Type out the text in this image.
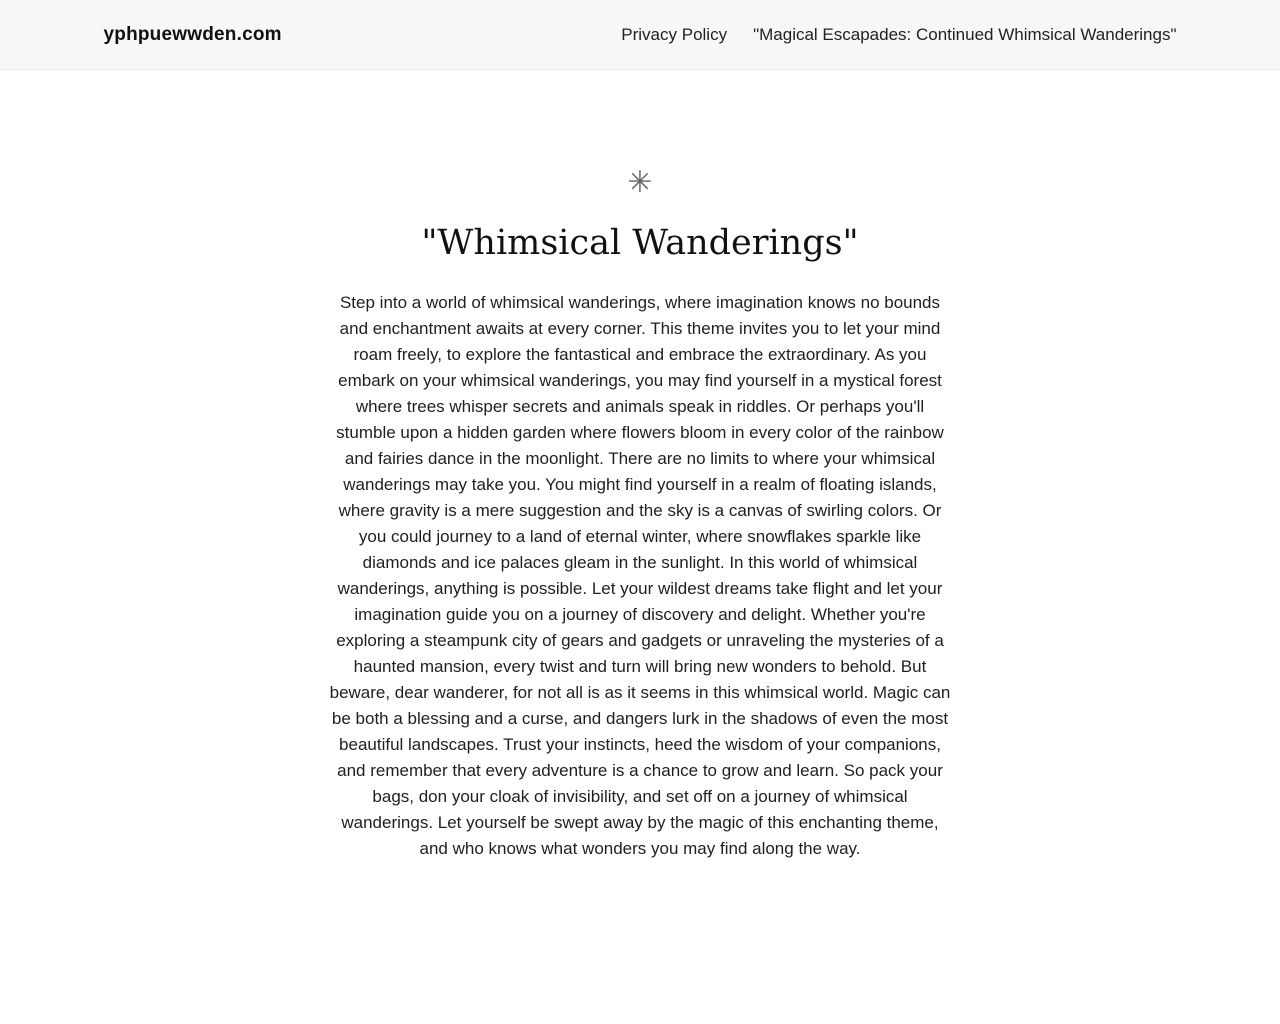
yphpuewwden.com	Privacy Policy "Magical Escapades: Continued Whimsical Wanderings"
✳
"Whimsical Wanderings"

Step into a world of whimsical wanderings, where imagination knows no bounds and enchantment awaits at every corner. This theme invites you to let your mind roam freely, to explore the fantastical and embrace the extraordinary. As you embark on your whimsical wanderings, you may find yourself in a mystical forest where trees whisper secrets and animals speak in riddles. Or perhaps you'll stumble upon a hidden garden where flowers bloom in every color of the rainbow and fairies dance in the moonlight. There are no limits to where your whimsical wanderings may take you. You might find yourself in a realm of floating islands, where gravity is a mere suggestion and the sky is a canvas of swirling colors. Or you could journey to a land of eternal winter, where snowflakes sparkle like diamonds and ice palaces gleam in the sunlight. In this world of whimsical wanderings, anything is possible. Let your wildest dreams take flight and let your imagination guide you on a journey of discovery and delight. Whether you're exploring a steampunk city of gears and gadgets or unraveling the mysteries of a haunted mansion, every twist and turn will bring new wonders to behold. But beware, dear wanderer, for not all is as it seems in this whimsical world. Magic can be both a blessing and a curse, and dangers lurk in the shadows of even the most beautiful landscapes. Trust your instincts, heed the wisdom of your companions, and remember that every adventure is a chance to grow and learn. So pack your bags, don your cloak of invisibility, and set off on a journey of whimsical wanderings. Let yourself be swept away by the magic of this enchanting theme, and who knows what wonders you may find along the way.
